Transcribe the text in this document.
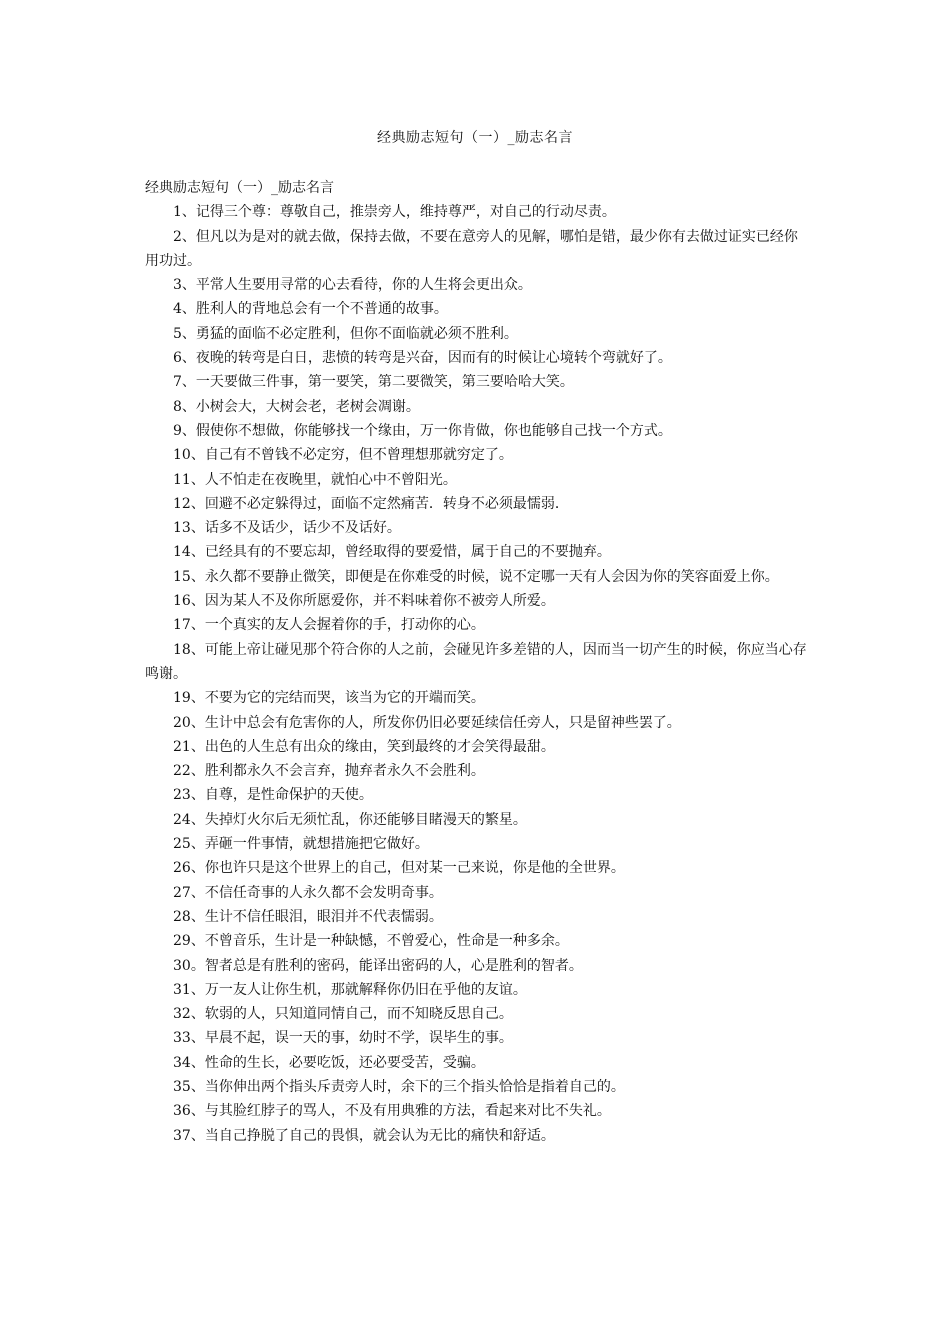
经典励志短句（一）_励志名言

经典励志短句（一）_励志名言

1、记得三个尊：尊敬自己，推崇旁人，维持尊严，对自己的行动尽责。

2、但凡以为是对的就去做，保持去做，不要在意旁人的见解，哪怕是错，最少你有去做过证实已经你用功过。

3、平常人生要用寻常的心去看待，你的人生将会更出众。

4、胜利人的背地总会有一个不普通的故事。

5、勇猛的面临不必定胜利，但你不面临就必须不胜利。

6、夜晚的转弯是白日，悲愤的转弯是兴奋，因而有的时候让心境转个弯就好了。

7、一天要做三件事，第一要笑，第二要微笑，第三要哈哈大笑。

8、小树会大，大树会老，老树会凋谢。

9、假使你不想做，你能够找一个缘由，万一你肯做，你也能够自己找一个方式。

10、自己有不曾钱不必定穷，但不曾理想那就穷定了。

11、人不怕走在夜晚里，就怕心中不曾阳光。

12、回避不必定躲得过，面临不定然痛苦．转身不必须最懦弱．

13、话多不及话少，话少不及话好。

14、已经具有的不要忘却，曾经取得的要爱惜，属于自己的不要抛弃。

15、永久都不要静止微笑，即便是在你难受的时候，说不定哪一天有人会因为你的笑容面爱上你。

16、因为某人不及你所愿爱你，并不料味着你不被旁人所爱。

17、一个真实的友人会握着你的手，打动你的心。

18、可能上帝让碰见那个符合你的人之前，会碰见许多差错的人，因而当一切产生的时候，你应当心存鸣谢。

19、不要为它的完结而哭，该当为它的开端而笑。

20、生计中总会有危害你的人，所发你仍旧必要延续信任旁人，只是留神些罢了。

21、出色的人生总有出众的缘由，笑到最终的才会笑得最甜。

22、胜利都永久不会言弃，抛弃者永久不会胜利。

23、自尊，是性命保护的天使。

24、失掉灯火尔后无须忙乱，你还能够目睹漫天的繁星。

25、弄砸一件事情，就想措施把它做好。

26、你也许只是这个世界上的自己，但对某一己来说，你是他的全世界。

27、不信任奇事的人永久都不会发明奇事。

28、生计不信任眼泪，眼泪并不代表懦弱。

29、不曾音乐，生计是一种缺憾，不曾爱心，性命是一种多余。

30。智者总是有胜利的密码，能译出密码的人，心是胜利的智者。

31、万一友人让你生机，那就解释你仍旧在乎他的友谊。

32、软弱的人，只知道同情自己，而不知晓反思自己。

33、早晨不起，误一天的事，幼时不学，误毕生的事。

34、性命的生长，必要吃饭，还必要受苦，受骗。

35、当你伸出两个指头斥责旁人时，余下的三个指头恰恰是指着自己的。

36、与其脸红脖子的骂人，不及有用典雅的方法，看起来对比不失礼。

37、当自己挣脱了自己的畏惧，就会认为无比的痛快和舒适。
